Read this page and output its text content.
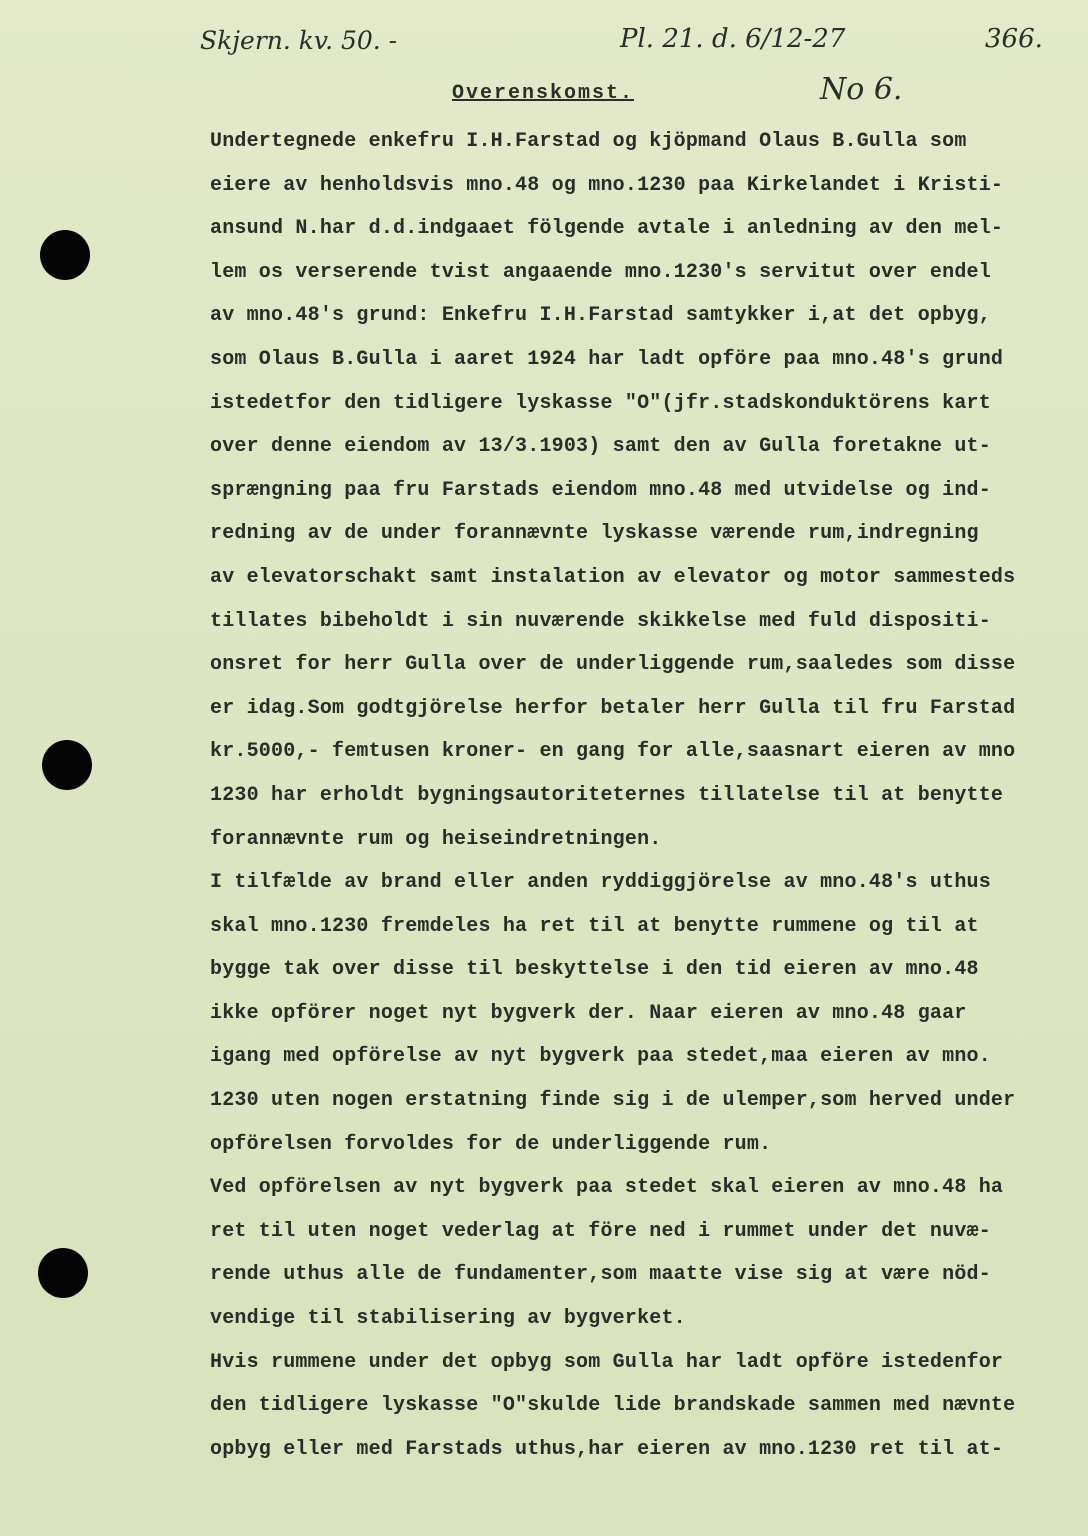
Skjern. kv. 50. -	Pl. 21. d. 6/12-27	366.
Overenskomst.	No 6.
Undertegnede enkefru I.H.Farstad og kjöpmand Olaus B.Gulla som
eiere av henholdsvis mno.48 og mno.1230 paa Kirkelandet i Kristi-
ansund N.har d.d.indgaaet fölgende avtale i anledning av den mel-
lem os verserende tvist angaaende mno.1230's servitut over endel
av mno.48's grund: Enkefru I.H.Farstad samtykker i,at det opbyg,
som Olaus B.Gulla i aaret 1924 har ladt opföre paa mno.48's grund
istedetfor den tidligere lyskasse "O"(jfr.stadskonduktörens kart
over denne eiendom av 13/3.1903) samt den av Gulla foretakne ut-
sprængning paa fru Farstads eiendom mno.48 med utvidelse og ind-
redning av de under forannævnte lyskasse værende rum,indregning
av elevatorschakt samt instalation av elevator og motor sammesteds
tillates bibeholdt i sin nuværende skikkelse med fuld dispositi-
onsret for herr Gulla over de underliggende rum,saaledes som disse
er idag.Som godtgjörelse herfor betaler herr Gulla til fru Farstad
kr.5000,- femtusen kroner- en gang for alle,saasnart eieren av mno
1230 har erholdt bygningsautoriteternes tillatelse til at benytte
forannævnte rum og heiseindretningen.
I tilfælde av brand eller anden ryddiggjörelse av mno.48's uthus
skal mno.1230 fremdeles ha ret til at benytte rummene og til at
bygge tak over disse til beskyttelse i den tid eieren av mno.48
ikke opförer noget nyt bygverk der. Naar eieren av mno.48 gaar
igang med opförelse av nyt bygverk paa stedet,maa eieren av mno.
1230 uten nogen erstatning finde sig i de ulemper,som herved under
opförelsen forvoldes for de underliggende rum.
Ved opförelsen av nyt bygverk paa stedet skal eieren av mno.48 ha
ret til uten noget vederlag at före ned i rummet under det nuvæ-
rende uthus alle de fundamenter,som maatte vise sig at være nöd-
vendige til stabilisering av bygverket.
Hvis rummene under det opbyg som Gulla har ladt opföre istedenfor
den tidligere lyskasse "O"skulde lide brandskade sammen med nævnte
opbyg eller med Farstads uthus,har eieren av mno.1230 ret til at-
